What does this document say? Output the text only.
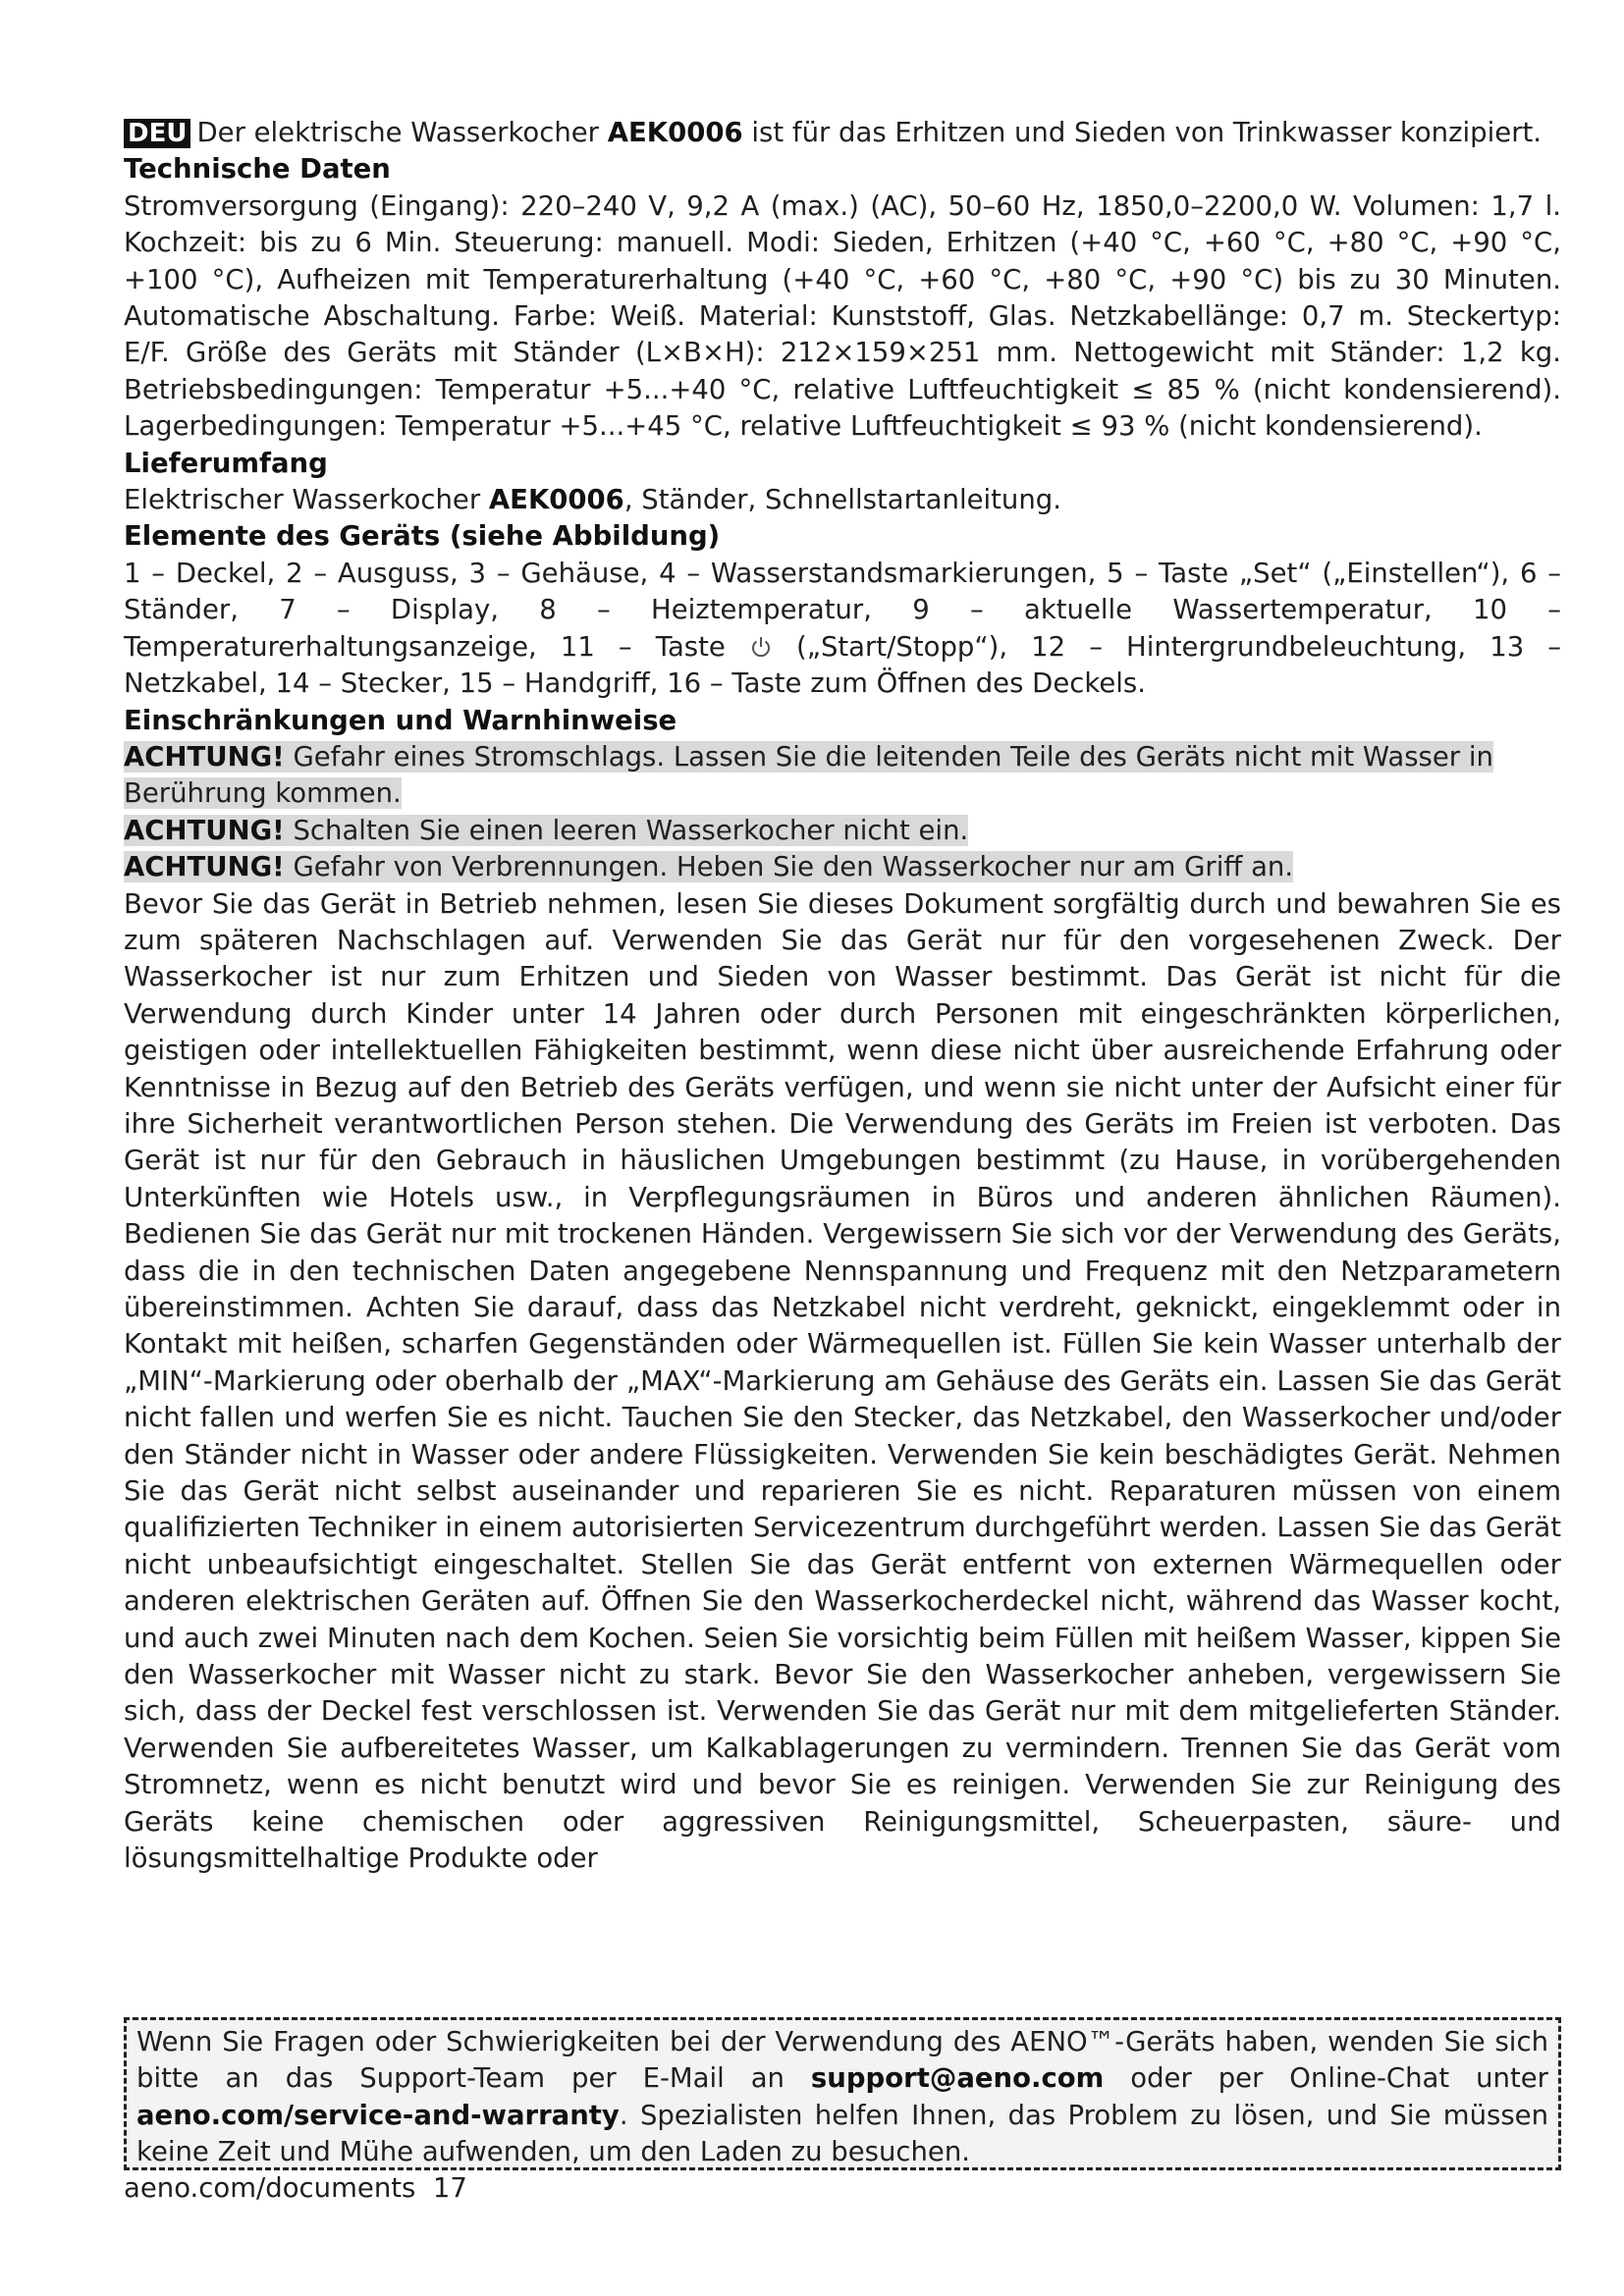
DEU Der elektrische Wasserkocher AEK0006 ist für das Erhitzen und Sieden von Trinkwasser konzipiert.

Technische Daten

Stromversorgung (Eingang): 220–240 V, 9,2 A (max.) (AC), 50–60 Hz, 1850,0–2200,0 W. Volumen: 1,7 l. Kochzeit: bis zu 6 Min. Steuerung: manuell. Modi: Sieden, Erhitzen (+40 °C, +60 °C, +80 °C, +90 °C, +100 °C), Aufheizen mit Temperaturerhaltung (+40 °C, +60 °C, +80 °C, +90 °C) bis zu 30 Minuten. Automatische Abschaltung. Farbe: Weiß. Material: Kunststoff, Glas. Netzkabellänge: 0,7 m. Steckertyp: E/F. Größe des Geräts mit Ständer (L×B×H): 212×159×251 mm. Nettogewicht mit Ständer: 1,2 kg. Betriebsbedingungen: Temperatur +5...+40 °C, relative Luftfeuchtigkeit ≤ 85 % (nicht kondensierend). Lagerbedingungen: Temperatur +5...+45 °C, relative Luftfeuchtigkeit ≤ 93 % (nicht kondensierend).

Lieferumfang

Elektrischer Wasserkocher AEK0006, Ständer, Schnellstartanleitung.

Elemente des Geräts (siehe Abbildung)

1 – Deckel, 2 – Ausguss, 3 – Gehäuse, 4 – Wasserstandsmarkierungen, 5 – Taste „Set“ („Einstellen“), 6 – Ständer, 7 – Display, 8 – Heiztemperatur, 9 – aktuelle Wassertemperatur, 10 – Temperaturerhaltungsanzeige, 11 – Taste  („Start/Stopp“), 12 – Hintergrundbeleuchtung, 13 – Netzkabel, 14 – Stecker, 15 – Handgriff, 16 – Taste zum Öffnen des Deckels.

Einschränkungen und Warnhinweise

ACHTUNG! Gefahr eines Stromschlags. Lassen Sie die leitenden Teile des Geräts nicht mit Wasser in Berührung kommen.

ACHTUNG! Schalten Sie einen leeren Wasserkocher nicht ein.

ACHTUNG! Gefahr von Verbrennungen. Heben Sie den Wasserkocher nur am Griff an.

Bevor Sie das Gerät in Betrieb nehmen, lesen Sie dieses Dokument sorgfältig durch und bewahren Sie es zum späteren Nachschlagen auf. Verwenden Sie das Gerät nur für den vorgesehenen Zweck. Der Wasserkocher ist nur zum Erhitzen und Sieden von Wasser bestimmt. Das Gerät ist nicht für die Verwendung durch Kinder unter 14 Jahren oder durch Personen mit eingeschränkten körperlichen, geistigen oder intellektuellen Fähigkeiten bestimmt, wenn diese nicht über ausreichende Erfahrung oder Kenntnisse in Bezug auf den Betrieb des Geräts verfügen, und wenn sie nicht unter der Aufsicht einer für ihre Sicherheit verantwortlichen Person stehen. Die Verwendung des Geräts im Freien ist verboten. Das Gerät ist nur für den Gebrauch in häuslichen Umgebungen bestimmt (zu Hause, in vorübergehenden Unterkünften wie Hotels usw., in Verpflegungsräumen in Büros und anderen ähnlichen Räumen). Bedienen Sie das Gerät nur mit trockenen Händen. Vergewissern Sie sich vor der Verwendung des Geräts, dass die in den technischen Daten angegebene Nennspannung und Frequenz mit den Netzparametern übereinstimmen. Achten Sie darauf, dass das Netzkabel nicht verdreht, geknickt, eingeklemmt oder in Kontakt mit heißen, scharfen Gegenständen oder Wärmequellen ist. Füllen Sie kein Wasser unterhalb der „MIN“-Markierung oder oberhalb der „MAX“-Markierung am Gehäuse des Geräts ein. Lassen Sie das Gerät nicht fallen und werfen Sie es nicht. Tauchen Sie den Stecker, das Netzkabel, den Wasserkocher und/oder den Ständer nicht in Wasser oder andere Flüssigkeiten. Verwenden Sie kein beschädigtes Gerät. Nehmen Sie das Gerät nicht selbst auseinander und reparieren Sie es nicht. Reparaturen müssen von einem qualifizierten Techniker in einem autorisierten Servicezentrum durchgeführt werden. Lassen Sie das Gerät nicht unbeaufsichtigt eingeschaltet. Stellen Sie das Gerät entfernt von externen Wärmequellen oder anderen elektrischen Geräten auf. Öffnen Sie den Wasserkocherdeckel nicht, während das Wasser kocht, und auch zwei Minuten nach dem Kochen. Seien Sie vorsichtig beim Füllen mit heißem Wasser, kippen Sie den Wasserkocher mit Wasser nicht zu stark. Bevor Sie den Wasserkocher anheben, vergewissern Sie sich, dass der Deckel fest verschlossen ist. Verwenden Sie das Gerät nur mit dem mitgelieferten Ständer. Verwenden Sie aufbereitetes Wasser, um Kalkablagerungen zu vermindern. Trennen Sie das Gerät vom Stromnetz, wenn es nicht benutzt wird und bevor Sie es reinigen. Verwenden Sie zur Reinigung des Geräts keine chemischen oder aggressiven Reinigungsmittel, Scheuerpasten, säure- und lösungsmittelhaltige Produkte oder

Wenn Sie Fragen oder Schwierigkeiten bei der Verwendung des AENO™-Geräts haben, wenden Sie sich bitte an das Support-Team per E-Mail an support@aeno.com oder per Online-Chat unter aeno.com/service-and-warranty. Spezialisten helfen Ihnen, das Problem zu lösen, und Sie müssen keine Zeit und Mühe aufwenden, um den Laden zu besuchen.
aeno.com/documents 17
